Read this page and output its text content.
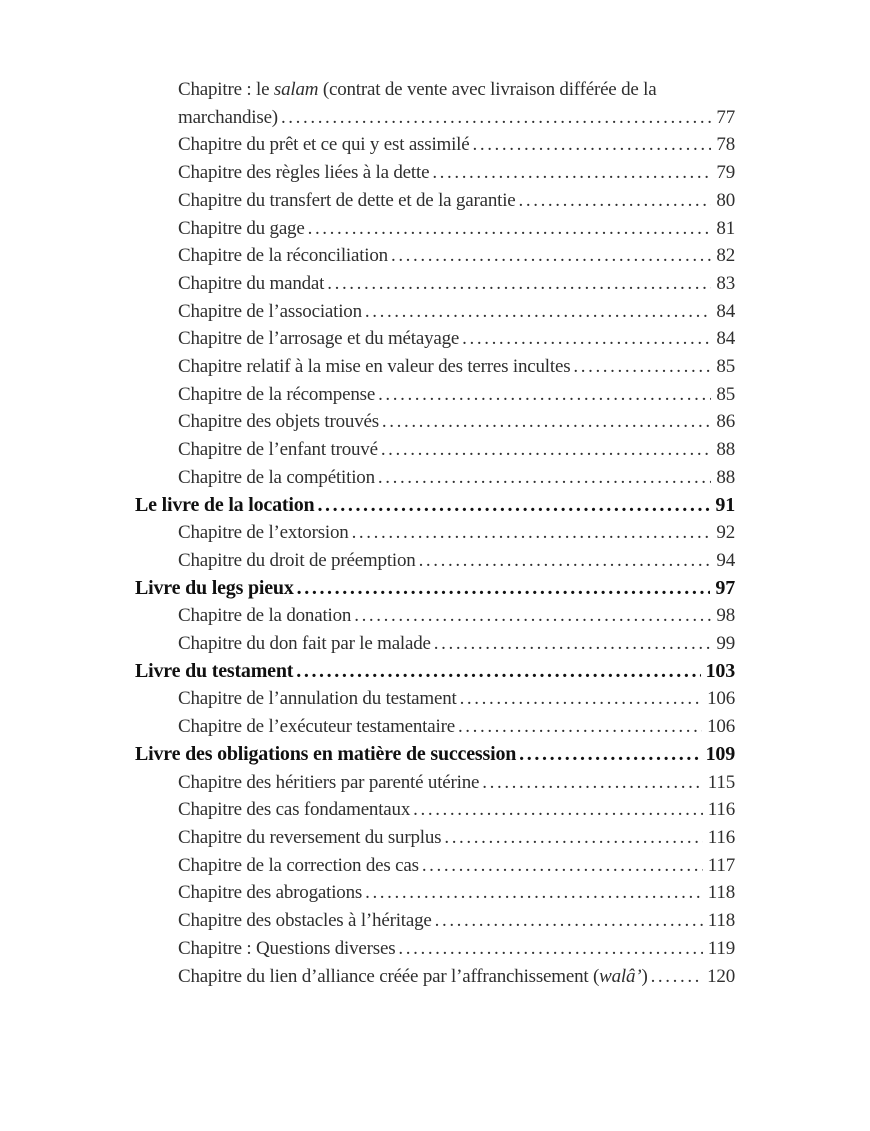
Chapitre : le salam (contrat de vente avec livraison différée de la
marchandise) .....	77
Chapitre du prêt et ce qui y est assimilé .....	78
Chapitre des règles liées à la dette .....	79
Chapitre du transfert de dette et de la garantie .....	80
Chapitre du gage .....	81
Chapitre de la réconciliation .....	82
Chapitre du mandat .....	83
Chapitre de l’association .....	84
Chapitre de l’arrosage et du métayage .....	84
Chapitre relatif à la mise en valeur des terres incultes .....	85
Chapitre de la récompense .....	85
Chapitre des objets trouvés .....	86
Chapitre de l’enfant trouvé .....	88
Chapitre de la compétition .....	88
Le livre de la location .....	91
Chapitre de l’extorsion .....	92
Chapitre du droit de préemption .....	94
Livre du legs pieux .....	97
Chapitre de la donation .....	98
Chapitre du don fait par le malade .....	99
Livre du testament .....	103
Chapitre de l’annulation du testament .....	106
Chapitre de l’exécuteur testamentaire .....	106
Livre des obligations en matière de succession .....	109
Chapitre des héritiers par parenté utérine .....	115
Chapitre des cas fondamentaux .....	116
Chapitre du reversement du surplus .....	116
Chapitre de la correction des cas .....	117
Chapitre des abrogations .....	118
Chapitre des obstacles à l’héritage .....	118
Chapitre : Questions diverses .....	119
Chapitre du lien d’alliance créée par l’affranchissement (walâ’) .....	120
